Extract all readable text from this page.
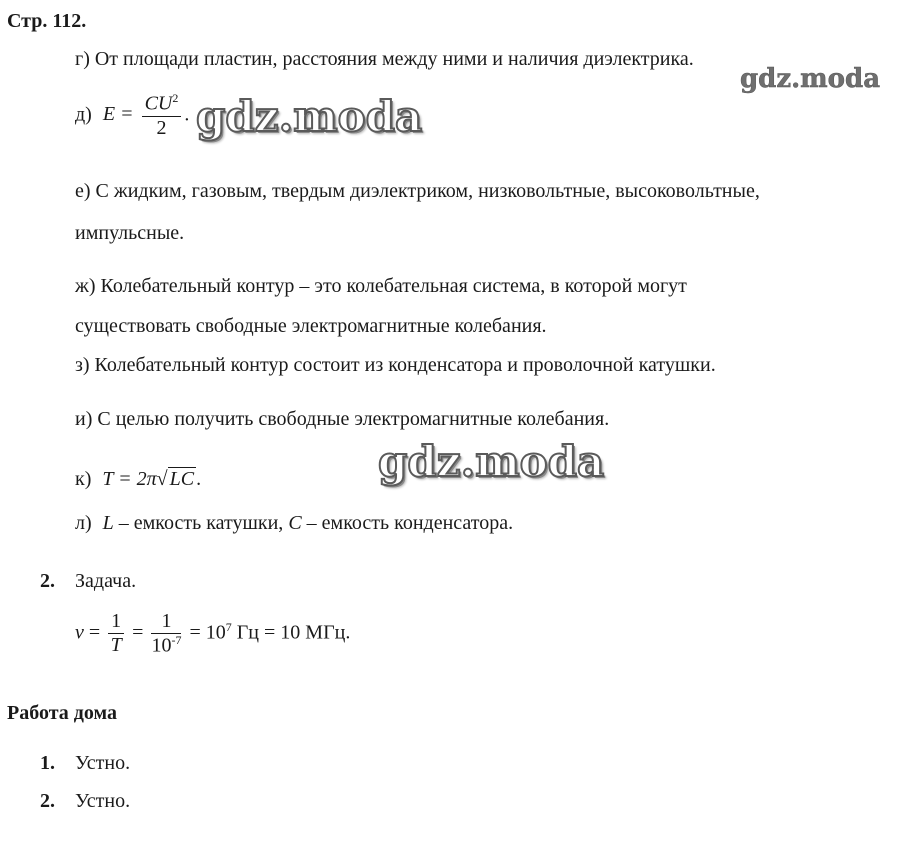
Стр. 112.
г) От площади пластин, расстояния между ними и наличия диэлектрика.
gdz.moda
д) $E = \frac{CU^2}{2}$ . gdz.moda
е) С жидким, газовым, твердым диэлектриком, низковольтные, высоковольтные,
импульсные.
ж) Колебательный контур – это колебательная система, в которой могут
существовать свободные электромагнитные колебания.
з) Колебательный контур состоит из конденсатора и проволочной катушки.
и) С целью получить свободные электромагнитные колебания.
к) T = 2π√ LC .	gdz.moda
л) L – емкость катушки, C – емкость конденсатора.
2. Задача.
$\nu = \frac{1}{T} = \frac{1}{10^{-7}} = 10^7$ Гц = 10 МГц.
Работа дома
1. Устно.
2. Устно.
